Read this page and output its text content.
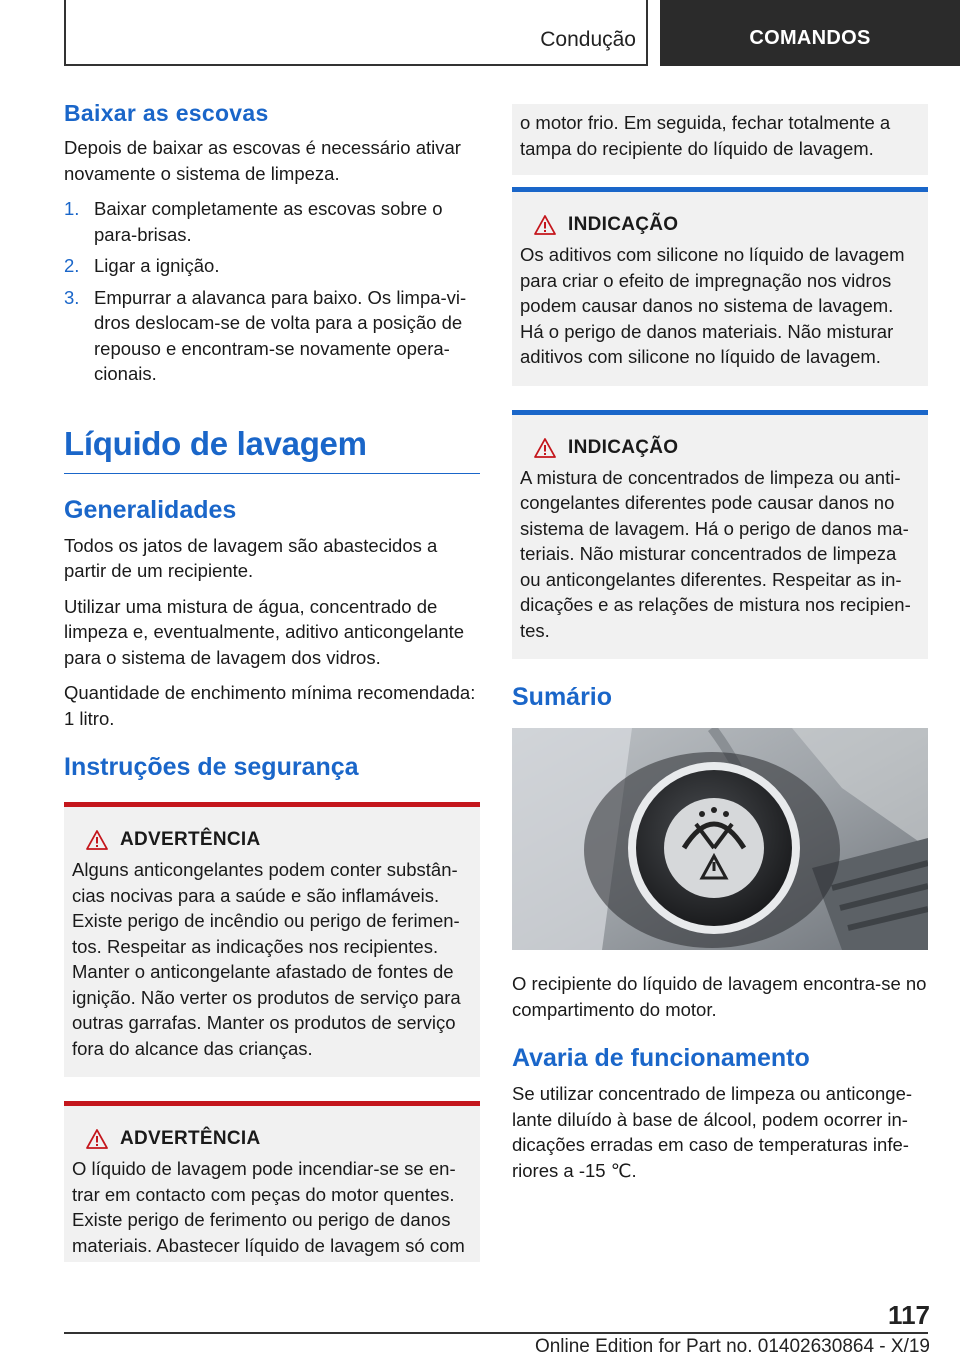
Condução	COMANDOS
Baixar as escovas

Depois de baixar as escovas é necessário ativar novamente o sistema de limpeza.

1. Baixar completamente as escovas sobre o para-brisas.
2. Ligar a ignição.
3. Empurrar a alavanca para baixo. Os limpa-vidros deslocam-se de volta para a posição de repouso e encontram-se novamente operacionais.
Líquido de lavagem
Generalidades

Todos os jatos de lavagem são abastecidos a partir de um recipiente.

Utilizar uma mistura de água, concentrado de limpeza e, eventualmente, aditivo anticongelante para o sistema de lavagem dos vidros.

Quantidade de enchimento mínima recomendada: 1 litro.

Instruções de segurança
ADVERTÊNCIA

Alguns anticongelantes podem conter substâncias nocivas para a saúde e são inflamáveis. Existe perigo de incêndio ou perigo de ferimentos. Respeitar as indicações nos recipientes. Manter o anticongelante afastado de fontes de ignição. Não verter os produtos de serviço para outras garrafas. Manter os produtos de serviço fora do alcance das crianças.

ADVERTÊNCIA

O líquido de lavagem pode incendiar-se se entrar em contacto com peças do motor quentes. Existe perigo de ferimento ou perigo de danos materiais. Abastecer líquido de lavagem só com

o motor frio. Em seguida, fechar totalmente a tampa do recipiente do líquido de lavagem.

INDICAÇÃO

Os aditivos com silicone no líquido de lavagem para criar o efeito de impregnação nos vidros podem causar danos no sistema de lavagem. Há o perigo de danos materiais. Não misturar aditivos com silicone no líquido de lavagem.

INDICAÇÃO

A mistura de concentrados de limpeza ou anticongelantes diferentes pode causar danos no sistema de lavagem. Há o perigo de danos materiais. Não misturar concentrados de limpeza ou anticongelantes diferentes. Respeitar as indicações e as relações de mistura nos recipientes.

Sumário

O recipiente do líquido de lavagem encontra-se no compartimento do motor.

Avaria de funcionamento

Se utilizar concentrado de limpeza ou anticongelante diluído à base de álcool, podem ocorrer indicações erradas em caso de temperaturas inferiores a -15 ℃.

117
Online Edition for Part no. 01402630864 - X/19
